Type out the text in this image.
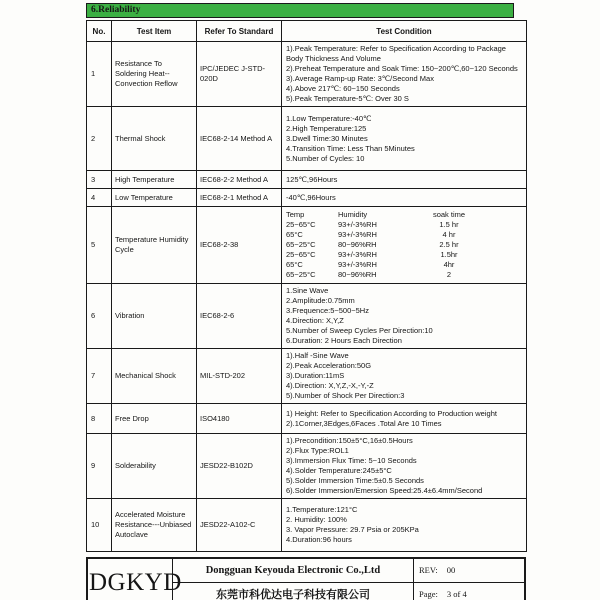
6.Reliability
No.	Test Item	Refer To Standard	Test Condition
1	Resistance To Soldering Heat--Convection Reflow	IPC/JEDEC J-STD-020D	1).Peak Temperature: Refer to Specification According to Package Body Thickness And Volume
2).Preheat Temperature and Soak Time: 150~200℃,60~120 Seconds
3).Average Ramp-up Rate: 3℃/Second Max
4).Above 217℃: 60~150 Seconds
5).Peak Temperature-5℃: Over 30 S

2	Thermal Shock	IEC68-2-14 Method A	1.Low Temperature:-40℃
2.High Temperature:125
3.Dwell Time:30 Minutes
4.Transition Time: Less Than 5Minutes
5.Number of Cycles: 10

3	High Temperature	IEC68-2-2 Method A	125℃,96Hours

4	Low Temperature	IEC68-2-1 Method A	-40℃,96Hours

5	Temperature Humidity Cycle	IEC68-2-38	
Temp	Humidity	soak time
25~65°C	93+/-3%RH	1.5 hr
65°C	93+/-3%RH	4 hr
65~25°C	80~96%RH	2.5 hr
25~65°C	93+/-3%RH	1.5hr
65°C	93+/-3%RH	4hr
65~25°C	80~96%RH	2

6	Vibration	IEC68-2-6	
1.Sine Wave
2.Amplitude:0.75mm
3.Frequence:5~500~5Hz
4.Direction: X,Y,Z
5.Number of Sweep Cycles Per Direction:10
6.Duration: 2 Hours Each Direction

7	Mechanical Shock	MIL-STD-202	1).Half -Sine Wave
2).Peak Acceleration:50G
3).Duration:11mS
4).Direction: X,Y,Z,-X,-Y,-Z
5).Number of Shock Per Direction:3

8	Free Drop	ISO4180	1) Height: Refer to Specification According to Production weight
2).1Corner,3Edges,6Faces .Total Are 10 Times

9	Solderability	JESD22-B102D	
1).Precondition:150±5°C,16±0.5Hours
2).Flux Type:ROL1
3).Immersion Flux Time: 5~10 Seconds
4).Solder Temperature:245±5°C
5).Solder Immersion Time:5±0.5 Seconds
6).Solder Immersion/Emersion Speed:25.4±6.4mm/Second

10	Accelerated Moisture Resistance---Unbiased Autoclave	JESD22-A102-C	1.Temperature:121°C
2. Humidity: 100%
3. Vapor Pressure: 29.7 Psia or 205KPa
4.Duration:96 hours
DGKYD	Dongguan Keyouda Electronic Co.,Ltd	REV: 00
	东莞市科优达电子科技有限公司	Page: 3 of 4
